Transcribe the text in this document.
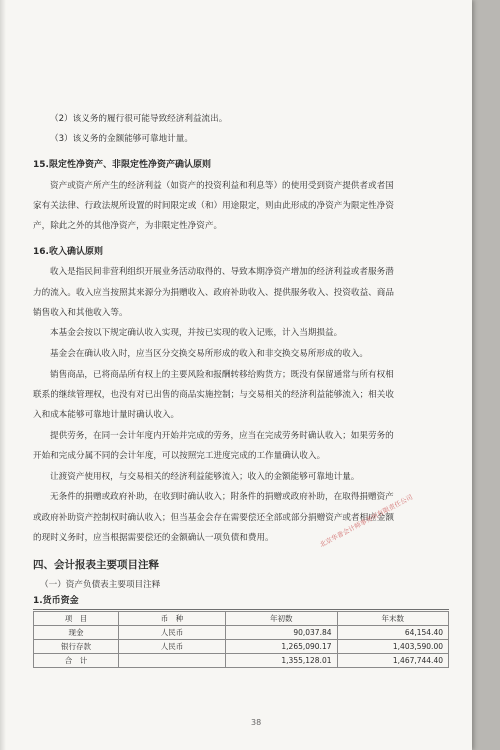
（2）该义务的履行很可能导致经济利益流出。
（3）该义务的金额能够可靠地计量。
15.限定性净资产、非限定性净资产确认原则
资产或资产所产生的经济利益（如资产的投资利益和利息等）的使用受到资产提供者或者国
家有关法律、行政法规所设置的时间限定或（和）用途限定，则由此形成的净资产为限定性净资
产，除此之外的其他净资产，为非限定性净资产。
16.收入确认原则
收入是指民间非营利组织开展业务活动取得的、导致本期净资产增加的经济利益或者服务潜
力的流入。收入应当按照其来源分为捐赠收入、政府补助收入、提供服务收入、投资收益、商品
销售收入和其他收入等。
本基金会按以下规定确认收入实现，并按已实现的收入记账，计入当期损益。
基金会在确认收入时，应当区分交换交易所形成的收入和非交换交易所形成的收入。
销售商品，已将商品所有权上的主要风险和报酬转移给购货方；既没有保留通常与所有权相
联系的继续管理权，也没有对已出售的商品实施控制；与交易相关的经济利益能够流入；相关收
入和成本能够可靠地计量时确认收入。
提供劳务，在同一会计年度内开始并完成的劳务，应当在完成劳务时确认收入；如果劳务的
开始和完成分属不同的会计年度，可以按照完工进度完成的工作量确认收入。
让渡资产使用权，与交易相关的经济利益能够流入；收入的金额能够可靠地计量。
无条件的捐赠或政府补助，在收到时确认收入；附条件的捐赠或政府补助，在取得捐赠资产
或政府补助资产控制权时确认收入；但当基金会存在需要偿还全部或部分捐赠资产或者相应金额
的现时义务时，应当根据需要偿还的金额确认一项负债和费用。	北京华普会计师事务所有限责任公司
四、会计报表主要项目注释
（一）资产负债表主要项目注释
1.货币资金
项　目	币　种	年初数	年末数
现金	人民币	90,037.84	64,154.40
银行存款	人民币	1,265,090.17	1,403,590.00
合　计		1,355,128.01	1,467,744.40
38
